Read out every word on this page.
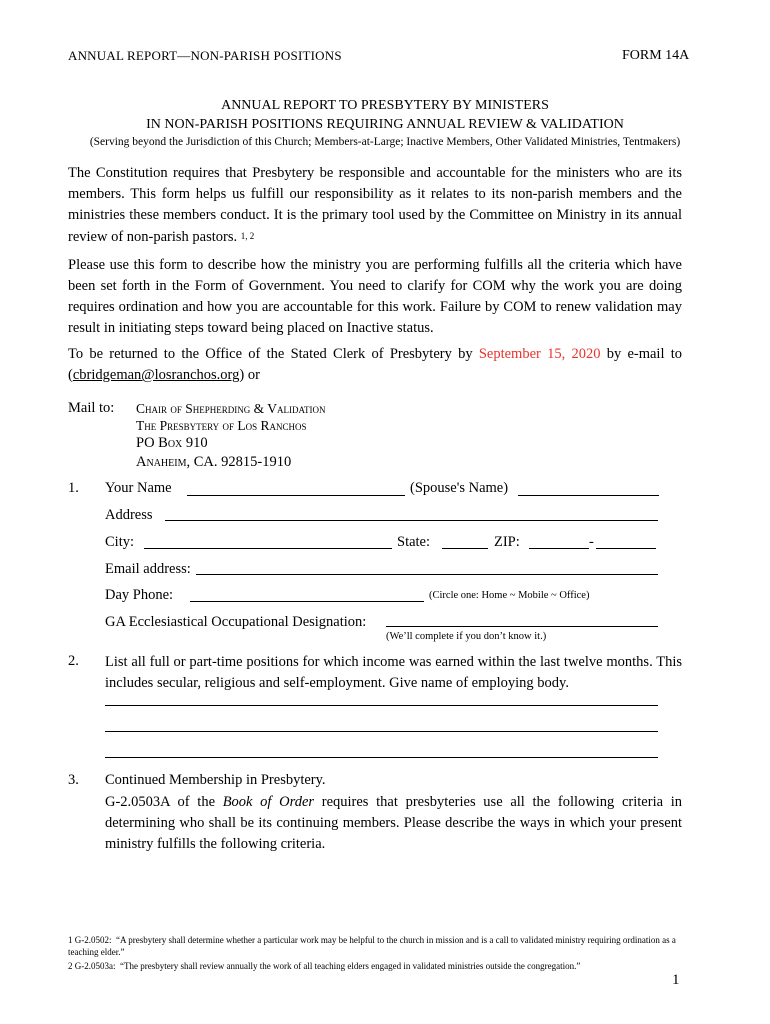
ANNUAL REPORT—NON-PARISH POSITIONS	FORM 14A
ANNUAL REPORT TO PRESBYTERY BY MINISTERS
IN NON-PARISH POSITIONS REQUIRING ANNUAL REVIEW & VALIDATION
(Serving beyond the Jurisdiction of this Church; Members-at-Large; Inactive Members, Other Validated Ministries, Tentmakers)
The Constitution requires that Presbytery be responsible and accountable for the ministers who are its members. This form helps us fulfill our responsibility as it relates to its non-parish members and the ministries these members conduct. It is the primary tool used by the Committee on Ministry in its annual review of non-parish pastors. $^{1, 2}$
Please use this form to describe how the ministry you are performing fulfills all the criteria which have been set forth in the Form of Government. You need to clarify for COM why the work you are doing requires ordination and how you are accountable for this work. Failure by COM to renew validation may result in initiating steps toward being placed on Inactive status.
To be returned to the Office of the Stated Clerk of Presbytery by September 15, 2020 by e-mail to (cbridgeman@losranchos.org) or
Mail to: Chair of Shepherding & Validation
The Presbytery of Los Ranchos
PO Box 910
Anaheim, CA. 92815-1910
1. Your Name	(Spouse's Name)
Address
City:	State:	ZIP:	-
Email address:
Day Phone:	(Circle one: Home ~ Mobile ~ Office)
GA Ecclesiastical Occupational Designation:
(We’ll complete if you don’t know it.)
2. List all full or part-time positions for which income was earned within the last twelve months. This includes secular, religious and self-employment. Give name of employing body.
3. Continued Membership in Presbytery.
G-2.0503A of the Book of Order requires that presbyteries use all the following criteria in determining who shall be its continuing members. Please describe the ways in which your present ministry fulfills the following criteria.
1 G-2.0502: “A presbytery shall determine whether a particular work may be helpful to the church in mission and is a call to validated ministry requiring ordination as a teaching elder.”
2 G-2.0503a: “The presbytery shall review annually the work of all teaching elders engaged in validated ministries outside the congregation.”
1
